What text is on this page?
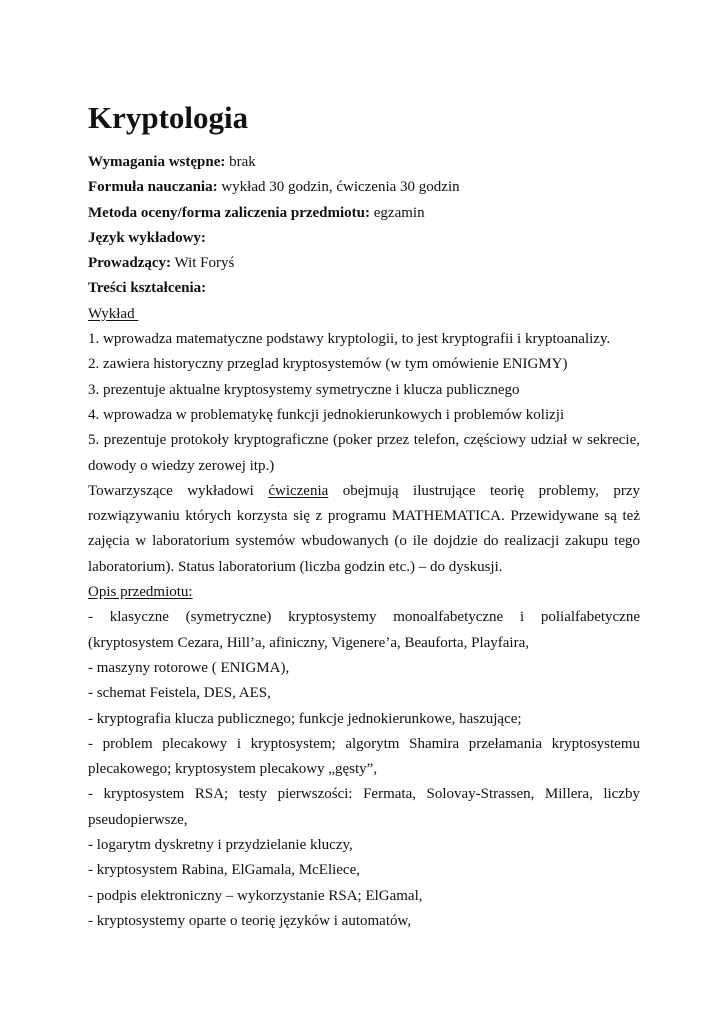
Kryptologia

Wymagania wstępne: brak

Formuła nauczania: wykład 30 godzin, ćwiczenia 30 godzin

Metoda oceny/forma zaliczenia przedmiotu: egzamin

Język wykładowy:

Prowadzący: Wit Foryś

Treści kształcenia:

Wykład

1. wprowadza matematyczne podstawy kryptologii, to jest kryptografii i kryptoanalizy.

2. zawiera historyczny przeglad kryptosystemów (w tym omówienie ENIGMY)

3. prezentuje aktualne kryptosystemy symetryczne i klucza publicznego

4. wprowadza w problematykę funkcji jednokierunkowych i problemów kolizji

5. prezentuje protokoły kryptograficzne (poker przez telefon, częściowy udział w sekrecie, dowody o wiedzy zerowej itp.)

Towarzyszące wykładowi ćwiczenia obejmują ilustrujące teorię problemy, przy rozwiązywaniu których korzysta się z programu MATHEMATICA. Przewidywane są też zajęcia w laboratorium systemów wbudowanych (o ile dojdzie do realizacji zakupu tego laboratorium). Status laboratorium (liczba godzin etc.) – do dyskusji.

Opis przedmiotu:

- klasyczne (symetryczne) kryptosystemy monoalfabetyczne i polialfabetyczne (kryptosystem Cezara, Hill’a, afiniczny, Vigenere’a, Beauforta, Playfaira,

- maszyny rotorowe ( ENIGMA),

- schemat Feistela, DES, AES,

- kryptografia klucza publicznego; funkcje jednokierunkowe, haszujące;

- problem plecakowy i kryptosystem; algorytm Shamira przełamania kryptosystemu plecakowego; kryptosystem plecakowy „gęsty”,

- kryptosystem RSA; testy pierwszości: Fermata, Solovay-Strassen, Millera, liczby pseudopierwsze,

- logarytm dyskretny i przydzielanie kluczy,

- kryptosystem Rabina, ElGamala, McEliece,

- podpis elektroniczny – wykorzystanie RSA; ElGamal,

- kryptosystemy oparte o teorię języków i automatów,
